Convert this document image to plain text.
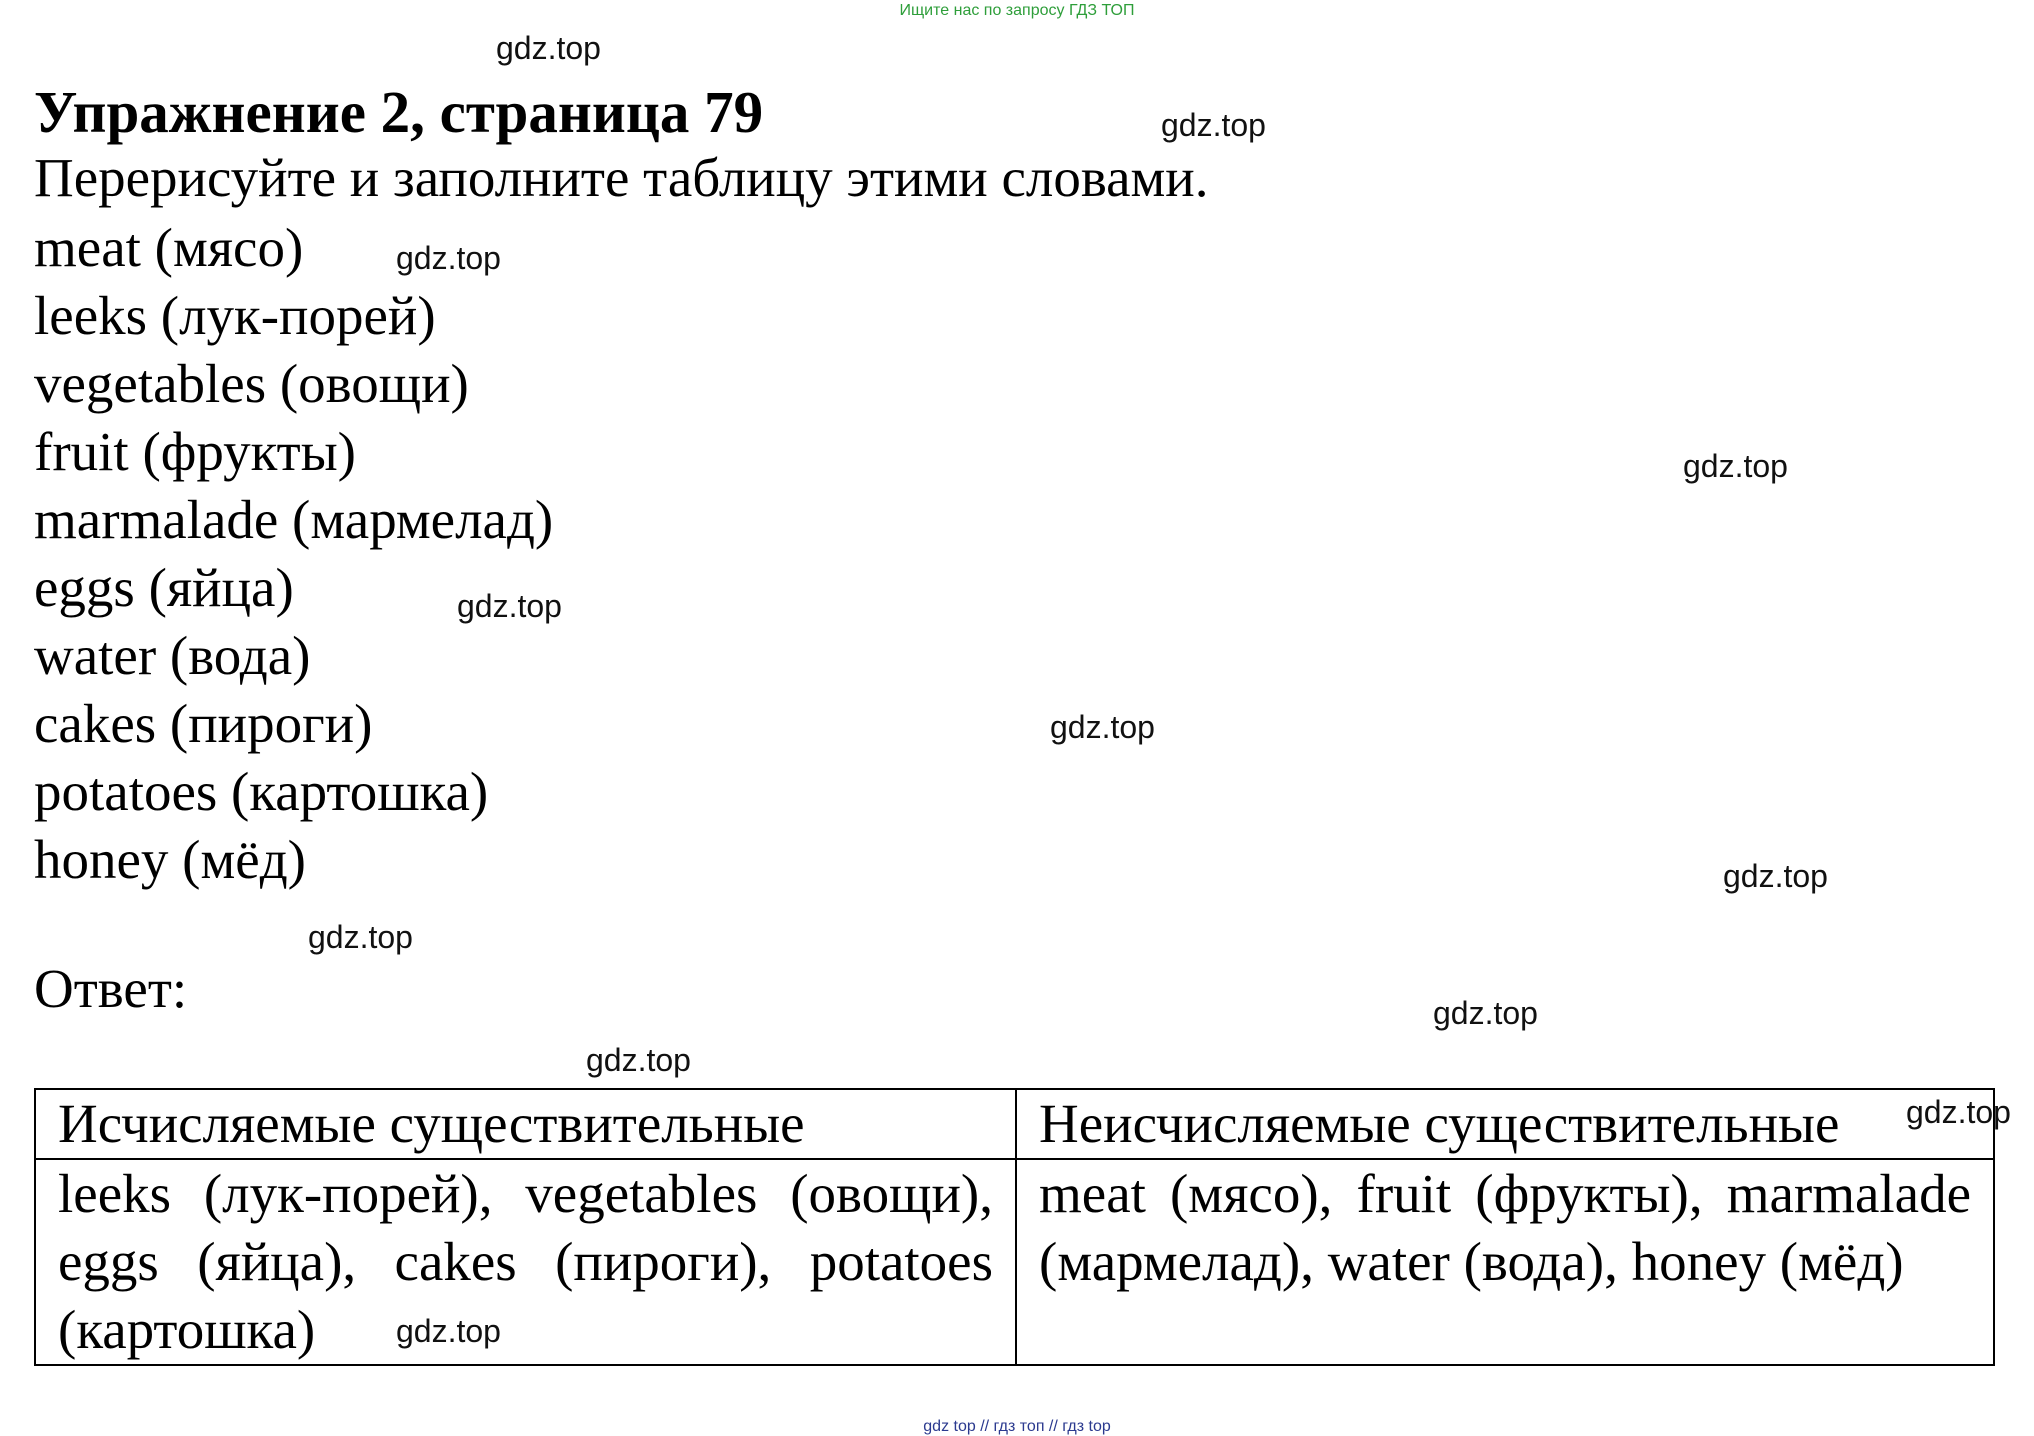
Ищите нас по запросу ГДЗ ТОП
Упражнение 2, страница 79
Перерисуйте и заполните таблицу этими словами.
meat (мясо)
leeks (лук-порей)
vegetables (овощи)
fruit (фрукты)
marmalade (мармелад)
eggs (яйца)
water (вода)
cakes (пироги)
potatoes (картошка)
honey (мёд)
Ответ:
Исчисляемые существительные	Неисчисляемые существительные
leeks (лук-порей), vegetables (овощи), eggs (яйца), cakes (пироги), potatoes (картошка)	meat (мясо), fruit (фрукты), marmalade (мармелад), water (вода), honey (мёд)
gdz.top
gdz.top
gdz.top
gdz.top
gdz.top
gdz.top
gdz.top
gdz.top
gdz.top
gdz.top
gdz.top
gdz.top
gdz top // гдз топ // гдз top
